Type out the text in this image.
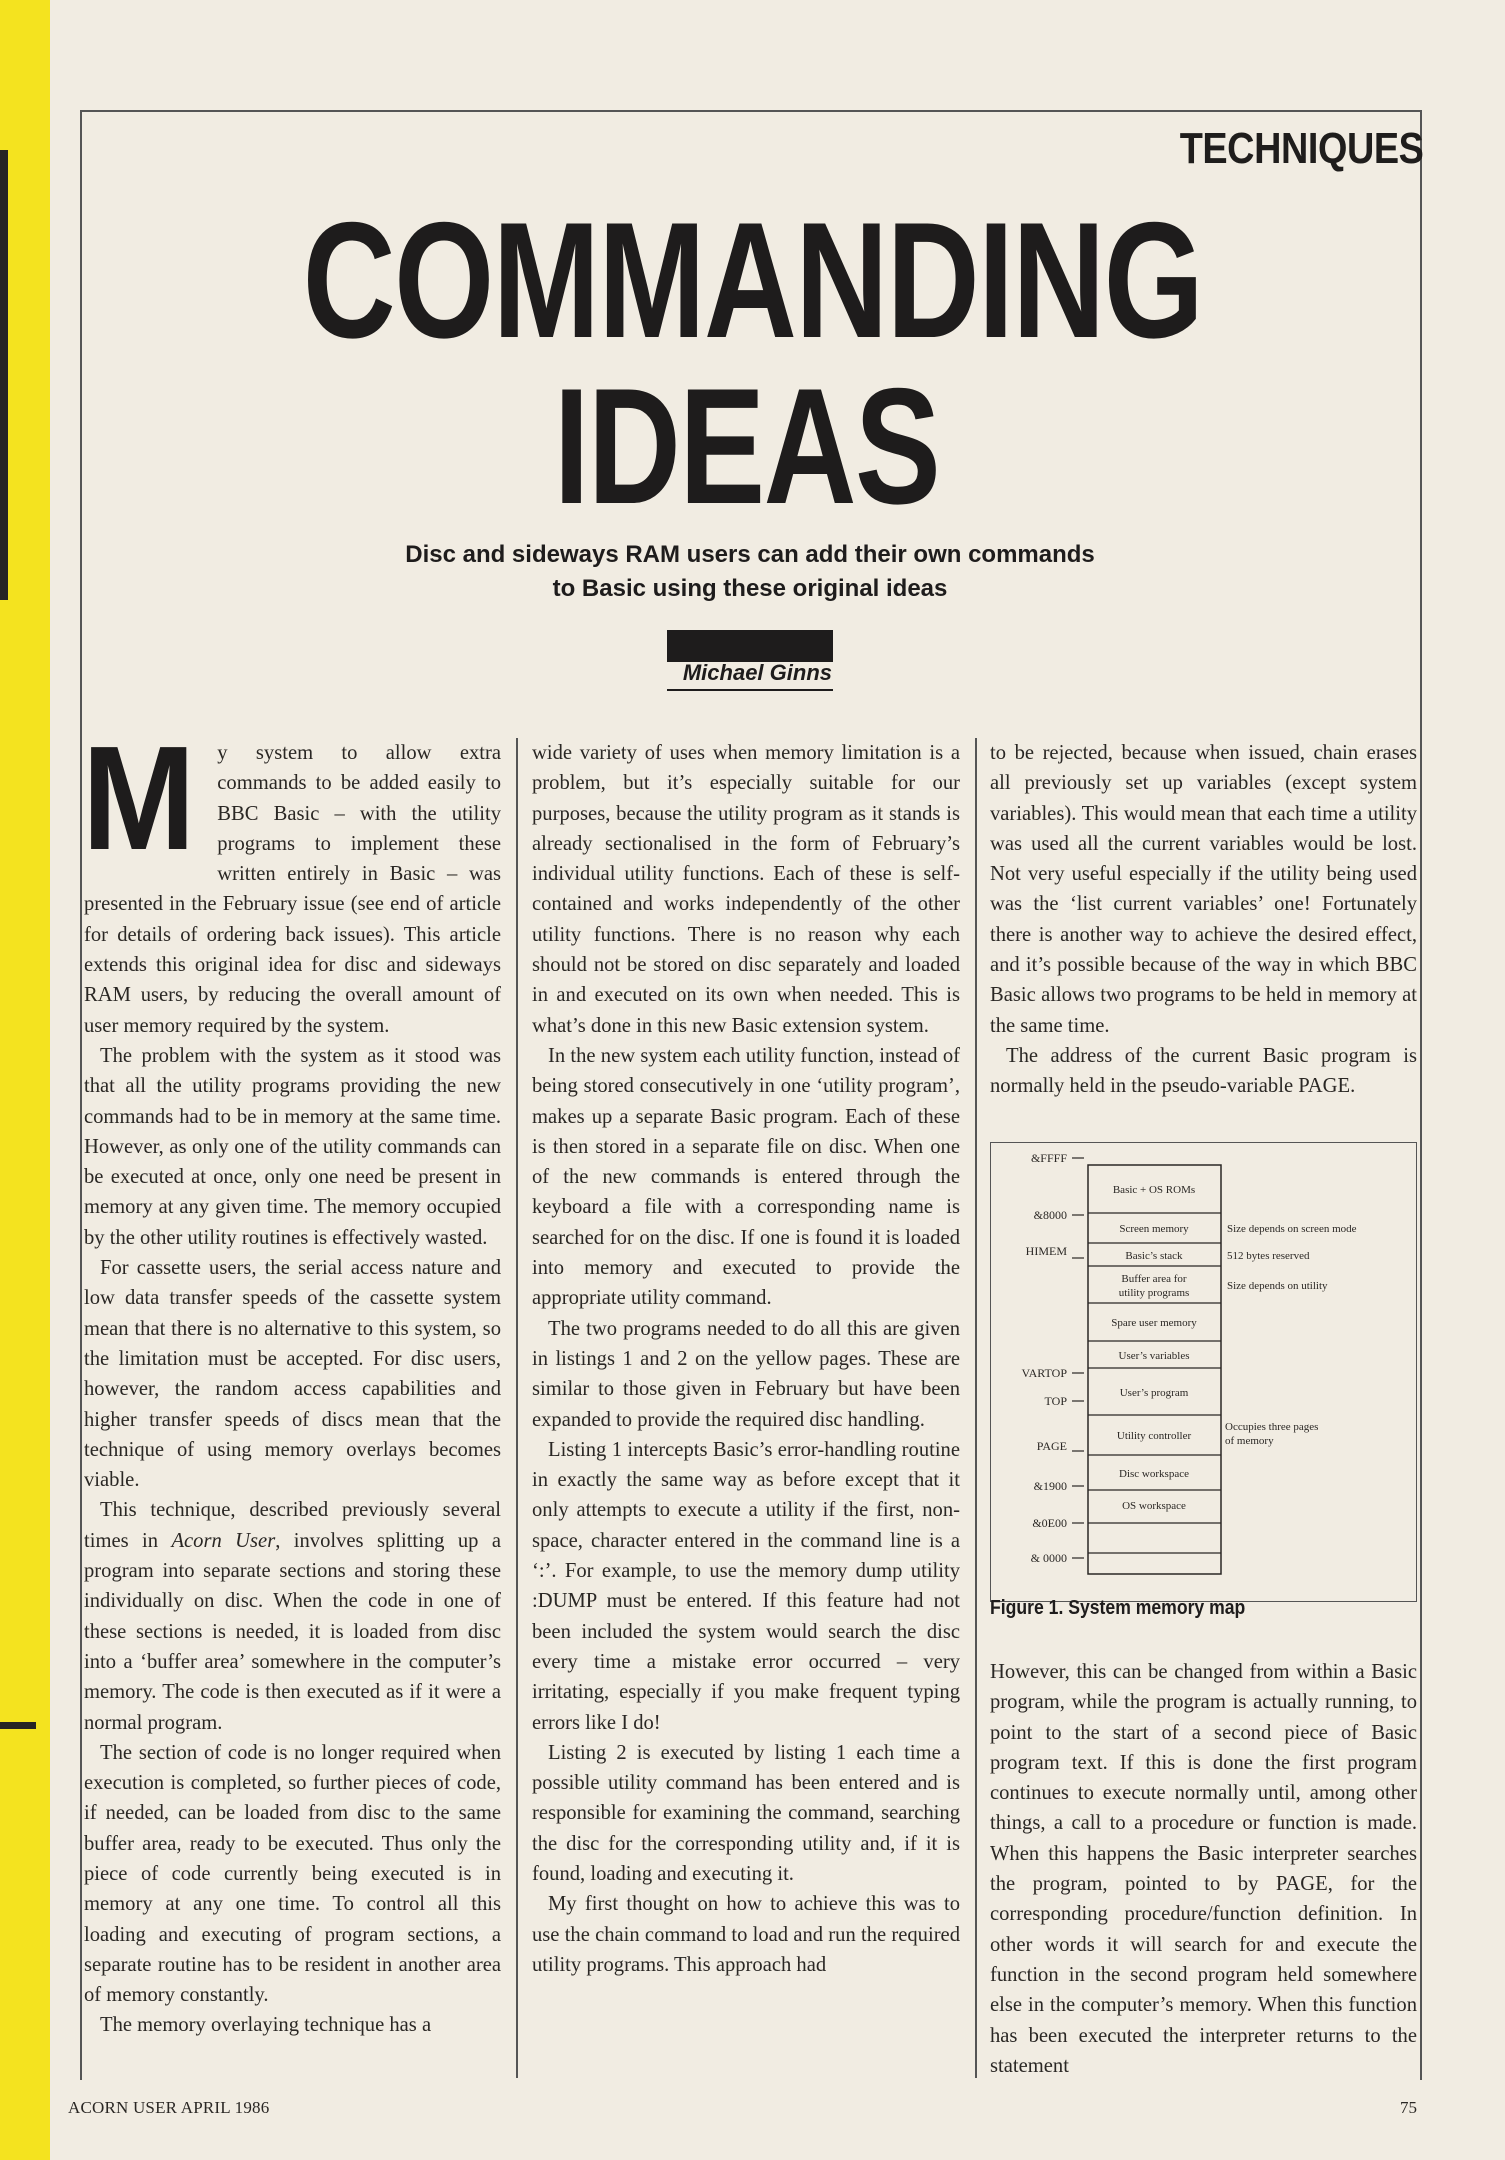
TECHNIQUES
COMMANDING
IDEAS
Disc and sideways RAM users can add their own commands
to Basic using these original ideas
Michael Ginns

M y system to allow extra commands to be added easily to BBC Basic – with the utility programs to implement these written entirely in Basic – was presented in the February issue (see end of article for details of ordering back issues). This article extends this original idea for disc and sideways RAM users, by reducing the overall amount of user memory required by the system.

The problem with the system as it stood was that all the utility programs providing the new commands had to be in memory at the same time. However, as only one of the utility commands can be executed at once, only one need be present in memory at any given time. The memory occupied by the other utility routines is effectively wasted.

For cassette users, the serial access nature and low data transfer speeds of the cassette system mean that there is no alternative to this system, so the limitation must be accepted. For disc users, however, the random access capabilities and higher transfer speeds of discs mean that the technique of using memory overlays becomes viable.

This technique, described previously several times in Acorn User, involves splitting up a program into separate sections and storing these individually on disc. When the code in one of these sections is needed, it is loaded from disc into a ‘buffer area’ somewhere in the computer’s memory. The code is then executed as if it were a normal program.

The section of code is no longer required when execution is completed, so further pieces of code, if needed, can be loaded from disc to the same buffer area, ready to be executed. Thus only the piece of code currently being executed is in memory at any one time. To control all this loading and executing of program sections, a separate routine has to be resident in another area of memory constantly.

The memory overlaying technique has a

wide variety of uses when memory limitation is a problem, but it’s especially suitable for our purposes, because the utility program as it stands is already sectionalised in the form of February’s individual utility functions. Each of these is self-contained and works independently of the other utility functions. There is no reason why each should not be stored on disc separately and loaded in and executed on its own when needed. This is what’s done in this new Basic extension system.

In the new system each utility function, instead of being stored consecutively in one ‘utility program’, makes up a separate Basic program. Each of these is then stored in a separate file on disc. When one of the new commands is entered through the keyboard a file with a corresponding name is searched for on the disc. If one is found it is loaded into memory and executed to provide the appropriate utility command.

The two programs needed to do all this are given in listings 1 and 2 on the yellow pages. These are similar to those given in February but have been expanded to provide the required disc handling.

Listing 1 intercepts Basic’s error-handling routine in exactly the same way as before except that it only attempts to execute a utility if the first, non-space, character entered in the command line is a ‘:’. For example, to use the memory dump utility :DUMP must be entered. If this feature had not been included the system would search the disc every time a mistake error occurred – very irritating, especially if you make frequent typing errors like I do!

Listing 2 is executed by listing 1 each time a possible utility command has been entered and is responsible for examining the command, searching the disc for the corresponding utility and, if it is found, loading and executing it.

My first thought on how to achieve this was to use the chain command to load and run the required utility programs. This approach had

to be rejected, because when issued, chain erases all previously set up variables (except system variables). This would mean that each time a utility was used all the current variables would be lost. Not very useful especially if the utility being used was the ‘list current variables’ one! Fortunately there is another way to achieve the desired effect, and it’s possible because of the way in which BBC Basic allows two programs to be held in memory at the same time.

The address of the current Basic program is normally held in the pseudo-variable PAGE.

&FFFF
&8000
HIMEM
VARTOP
TOP
PAGE
&1900
&0E00
& 0000
Basic + OS ROMs
Screen memory
Basic’s stack
Buffer area for
utility programs
Spare user memory
User’s variables
User’s program
Utility controller
Disc workspace
OS workspace
Size depends on screen mode
512 bytes reserved
Size depends on utility
Occupies three pages
of memory
Figure 1. System memory map

However, this can be changed from within a Basic program, while the program is actually running, to point to the start of a second piece of Basic program text. If this is done the first program continues to execute normally until, among other things, a call to a procedure or function is made. When this happens the Basic interpreter searches the program, pointed to by PAGE, for the corresponding procedure/function definition. In other words it will search for and execute the function in the second program held somewhere else in the computer’s memory. When this function has been executed the interpreter returns to the statement

ACORN USER APRIL 1986	75
